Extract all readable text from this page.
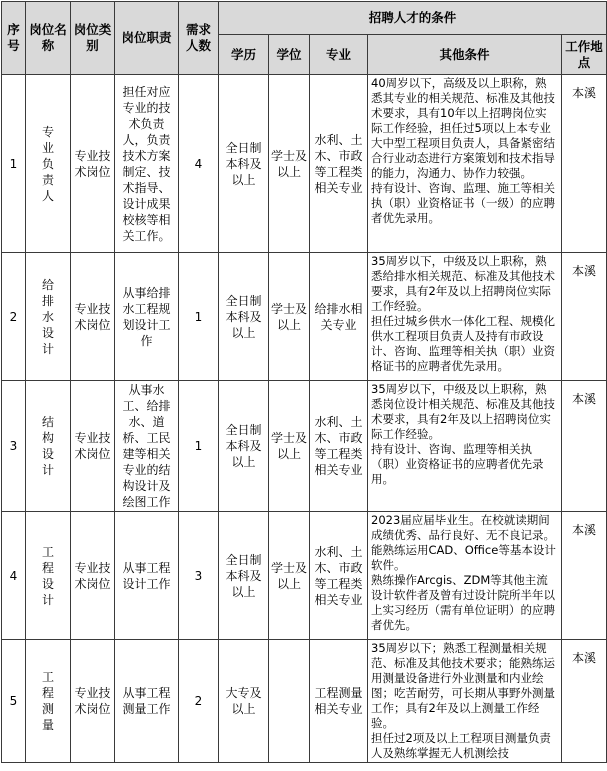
序号	岗位名称	岗位类别	岗位职责	需求人数	招聘人才的条件				
					学历	学位	专业	其他条件	工作地点
1	专业负责人	专业技术岗位	担任对应专业的技术负责人，负责技术方案制定、技术指导、设计成果校核等相关工作。	4	全日制本科及以上	学士及以上	水利、土木、市政等工程类相关专业	40周岁以下，高级及以上职称，熟悉其专业的相关规范、标准及其他技术要求，具有10年以上招聘岗位实际工作经验，担任过5项以上本专业大中型工程项目负责人，具备紧密结合行业动态进行方案策划和技术指导的能力，沟通力、协作力较强。

持有设计、咨询、监理、施工等相关执（职）业资格证书（一级）的应聘者优先录用。	本溪
2	给排水设计	专业技术岗位	从事给排水工程规划设计工作	1	全日制本科及以上	学士及以上	给排水相关专业	35周岁以下，中级及以上职称，熟悉给排水相关规范、标准及其他技术要求，具有2年及以上招聘岗位实际工作经验。

担任过城乡供水一体化工程、规模化供水工程项目负责人及持有市政设计、咨询、监理等相关执（职）业资格证书的应聘者优先录用。	本溪
3	结构设计	专业技术岗位	从事水工、给排水、道桥、工民建等相关专业的结构设计及绘图工作	1	全日制本科及以上	学士及以上	水利、土木、市政等工程类相关专业	35周岁以下，中级及以上职称，熟悉岗位设计相关规范、标准及其他技术要求，具有2年及以上招聘岗位实际工作经验。

持有设计、咨询、监理等相关执（职）业资格证书的应聘者优先录用。	本溪
4	工程设计	专业技术岗位	从事工程设计工作	3	全日制本科及以上	学士及以上	水利、土木、市政等工程类相关专业	2023届应届毕业生。在校就读期间成绩优秀、品行良好、无不良记录。能熟练运用CAD、Office等基本设计软件。

熟练操作Arcgis、ZDM等其他主流设计软件者及曾有过设计院所半年以上实习经历（需有单位证明）的应聘者优先。	本溪
5	工程测量	专业技术岗位	从事工程测量工作	2	大专及以上		工程测量相关专业	35周岁以下；熟悉工程测量相关规范、标准及其他技术要求；能熟练运用测量设备进行外业测量和内业绘图；吃苦耐劳，可长期从事野外测量工作；具有2年及以上测量工作经验。

担任过2项及以上工程项目测量负责人及熟练掌握无人机测绘技	本溪
